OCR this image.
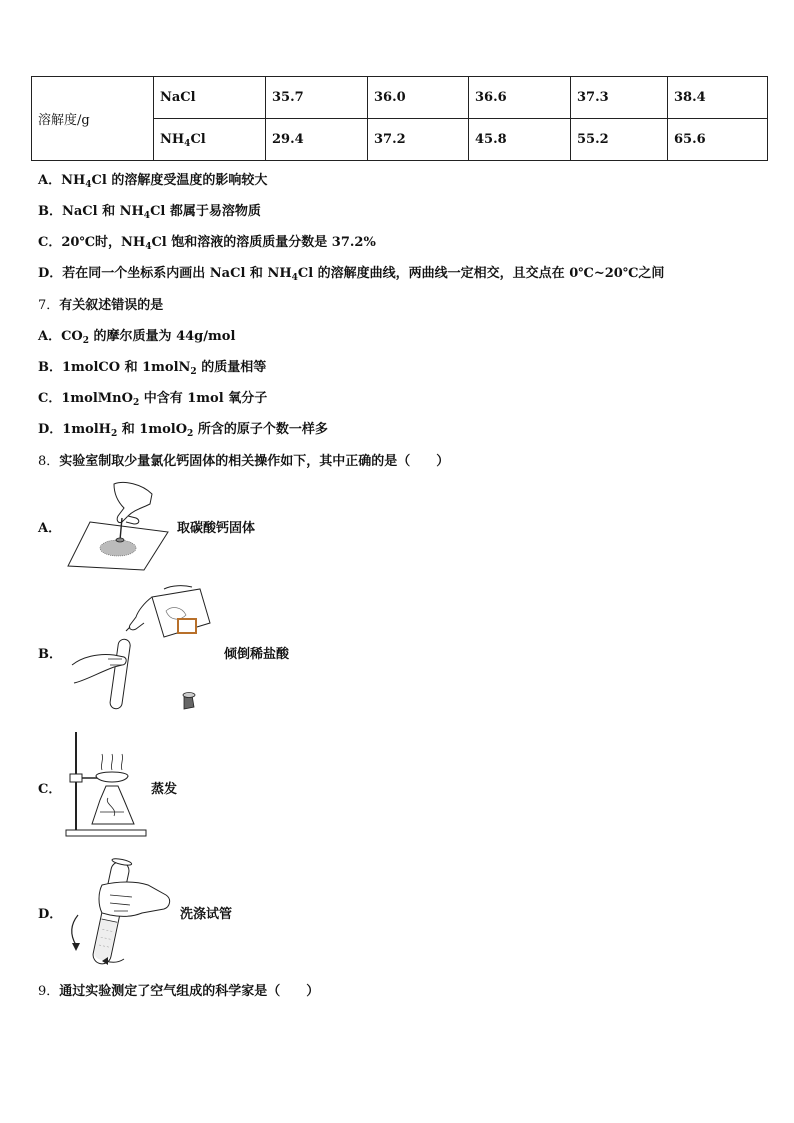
溶解度/g	NaCl	35.7	36.0	36.6	37.3	38.4
	$NH_4Cl$	29.4	37.2	45.8	55.2	65.6
A．$NH_4Cl$ 的溶解度受温度的影响较大
B．NaCl 和 $NH_4Cl$ 都属于易溶物质
C．20℃时，$NH_4Cl$ 饱和溶液的溶质质量分数是 37.2%
D．若在同一个坐标系内画出 NaCl 和 $NH_4Cl$ 的溶解度曲线，两曲线一定相交，且交点在 0℃~20℃之间
7．有关叙述错误的是
A．$CO_2$ 的摩尔质量为 44g/mol
B．1molCO 和 1molN$_2$ 的质量相等
C．1molMnO$_2$ 中含有 1mol 氧分子
D．1molH$_2$ 和 1molO$_2$ 所含的原子个数一样多
8．实验室制取少量氯化钙固体的相关操作如下，其中正确的是（　　）
A．	取碳酸钙固体
B．	倾倒稀盐酸
C．	蒸发
D．	洗涤试管
9．通过实验测定了空气组成的科学家是（　　）
